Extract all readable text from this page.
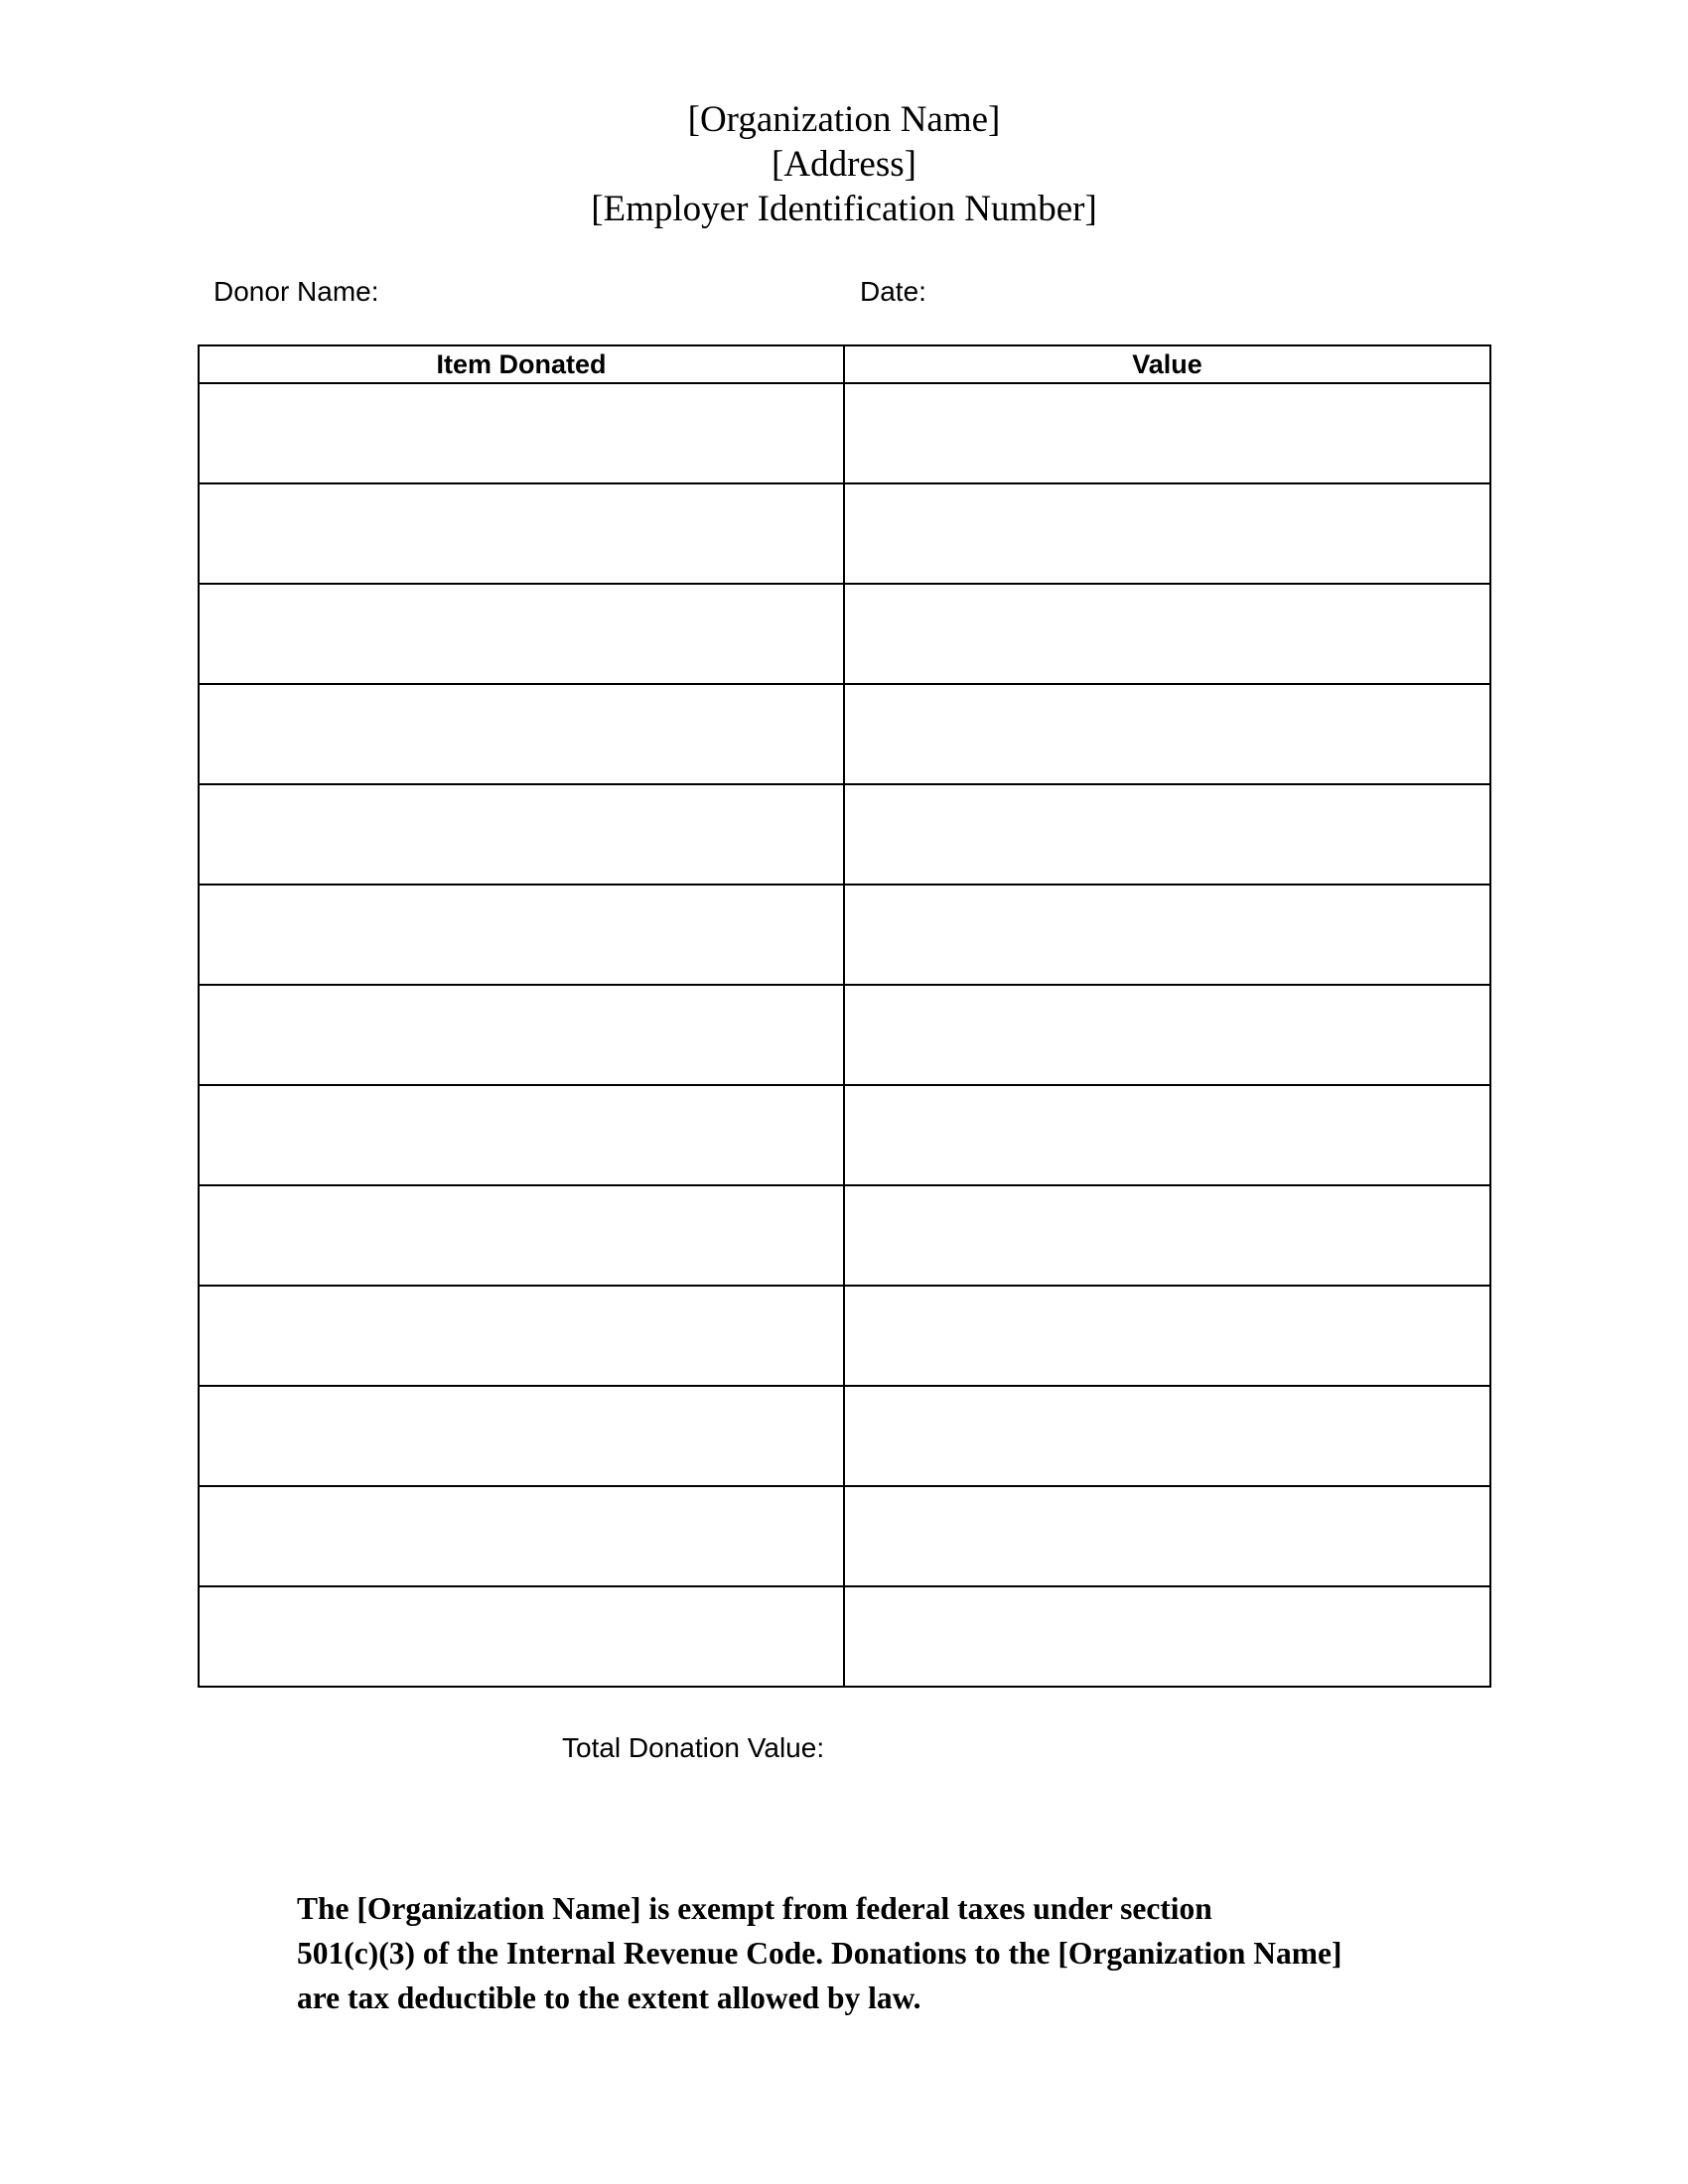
[Organization Name]
[Address]
[Employer Identification Number]
Donor Name:	Date:
Item Donated	Value

Total Donation Value:
The [Organization Name] is exempt from federal taxes under section
501(c)(3) of the Internal Revenue Code. Donations to the [Organization Name]
are tax deductible to the extent allowed by law.
